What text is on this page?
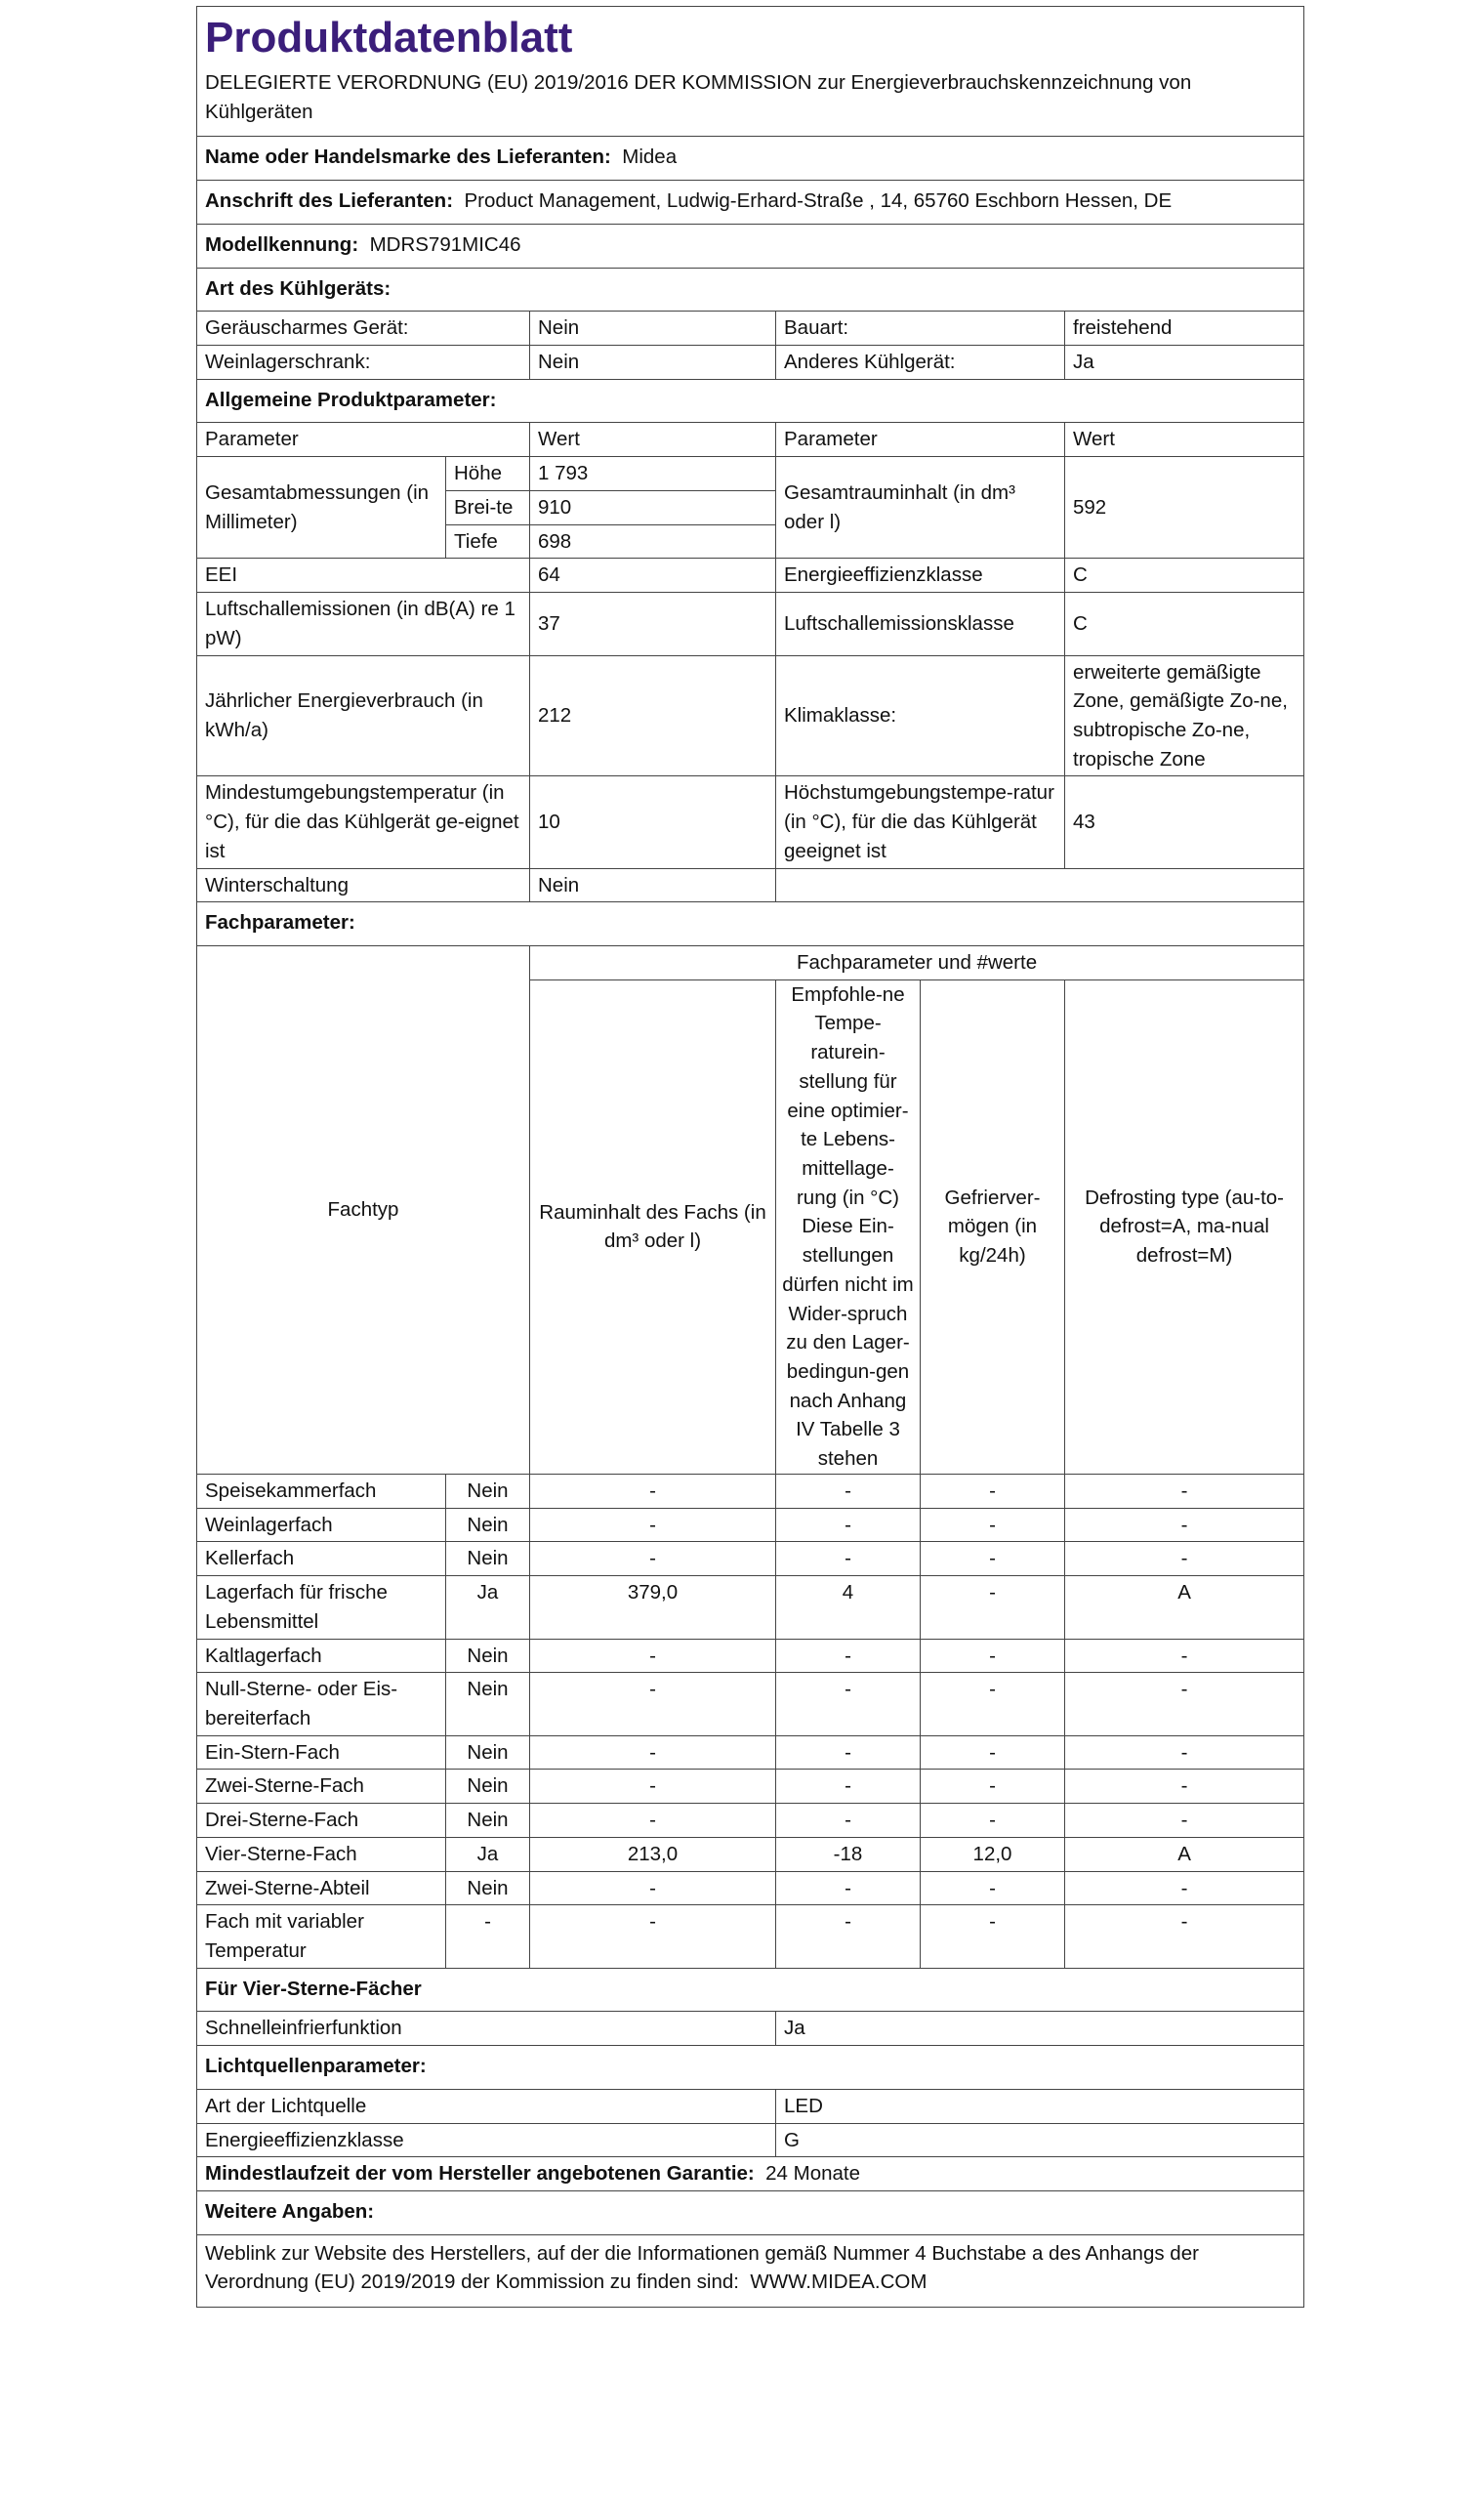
Produktdatenblatt					

DELEGIERTE VERORDNUNG (EU) 2019/2016 DER KOMMISSION zur Energieverbrauchskennzeichnung von Kühlgeräten					
Name oder Handelsmarke des Lieferanten: Midea					
Anschrift des Lieferanten: Product Management, Ludwig-Erhard-Straße , 14, 65760 Eschborn Hessen, DE					
Modellkennung: MDRS791MIC46					
Art des Kühlgeräts:					
Geräuscharmes Gerät:		Nein	Bauart:		freistehend
Weinlagerschrank:		Nein	Anderes Kühlgerät:		Ja
Allgemeine Produktparameter:					
Parameter		Wert	Parameter		Wert
Gesamtabmessungen (in Millimeter)	Höhe	1 793	Gesamtrauminhalt (in dm³ oder l)		592
	Brei-te	910			
	Tiefe	698			
EEI		64	Energieeffizienzklasse		C
Luftschallemissionen (in dB(A) re 1 pW)		37	Luftschallemissionsklasse		C
Jährlicher Energieverbrauch (in kWh/a)		212	Klimaklasse:		erweiterte gemäßigte Zone, gemäßigte Zo-ne, subtropische Zo-ne, tropische Zone
Mindestumgebungstemperatur (in °C), für die das Kühlgerät ge-eignet ist		10	Höchstumgebungstempe-ratur (in °C), für die das Kühlgerät geeignet ist		43
Winterschaltung		Nein			
Fachparameter:					
Fachtyp		Fachparameter und #werte			
		Rauminhalt des Fachs (in dm³ oder l)	Empfohle-ne Tempe-raturein-stellung für eine optimier-te Lebens-mittellage-rung (in °C) Diese Ein-stellungen dürfen nicht im Wider-spruch zu den Lager-bedingun-gen nach Anhang IV Tabelle 3 stehen	Gefrierver-mögen (in kg/24h)	Defrosting type (au-to-defrost=A, ma-nual defrost=M)
Speisekammerfach	Nein	-	-	-	-
Weinlagerfach	Nein	-	-	-	-
Kellerfach	Nein	-	-	-	-
Lagerfach für frische Lebensmittel	Ja	379,0	4	-	A
Kaltlagerfach	Nein	-	-	-	-
Null-Sterne- oder Eis-bereiterfach	Nein	-	-	-	-
Ein-Stern-Fach	Nein	-	-	-	-
Zwei-Sterne-Fach	Nein	-	-	-	-
Drei-Sterne-Fach	Nein	-	-	-	-
Vier-Sterne-Fach	Ja	213,0	-18	12,0	A
Zwei-Sterne-Abteil	Nein	-	-	-	-
Fach mit variabler Temperatur	-	-	-	-	-
Für Vier-Sterne-Fächer					
Schnelleinfrierfunktion			Ja		
Lichtquellenparameter:					
Art der Lichtquelle			LED		
Energieeffizienzklasse			G		
Mindestlaufzeit der vom Hersteller angebotenen Garantie: 24 Monate					
Weitere Angaben:					
Weblink zur Website des Herstellers, auf der die Informationen gemäß Nummer 4 Buchstabe a des Anhangs der Verordnung (EU) 2019/2019 der Kommission zu finden sind: WWW.MIDEA.COM					
